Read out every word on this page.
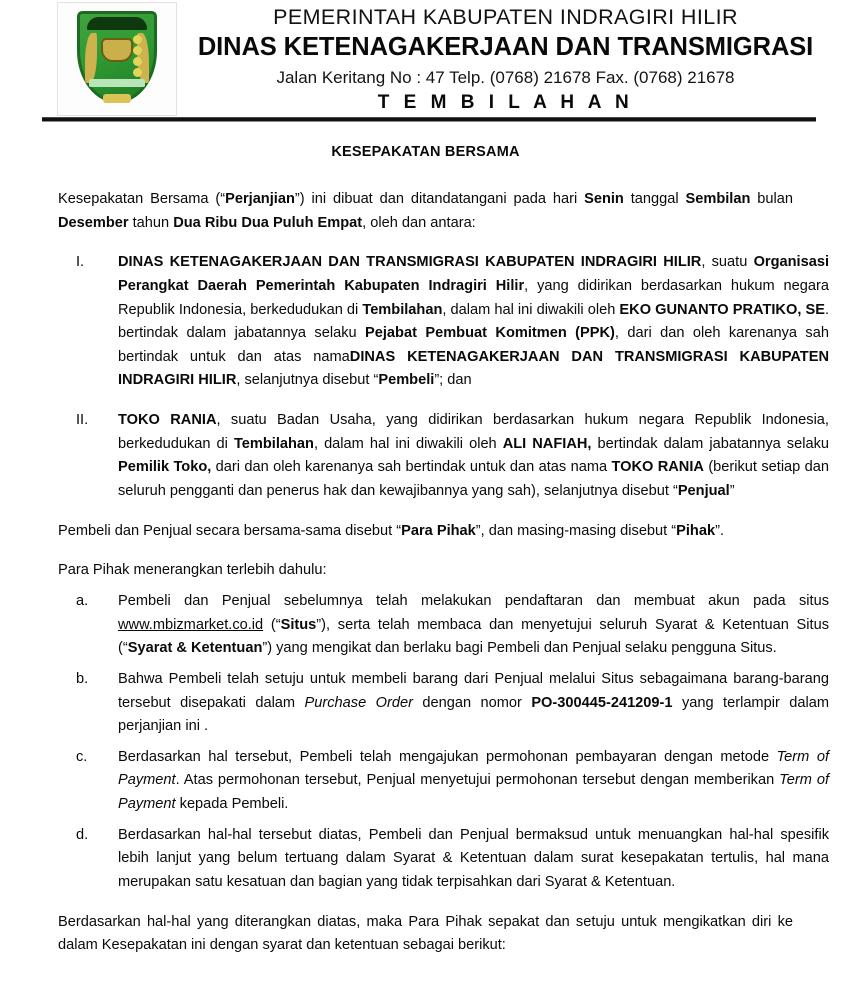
PEMERINTAH KABUPATEN INDRAGIRI HILIR
DINAS KETENAGAKERJAAN DAN TRANSMIGRASI
Jalan Keritang No : 47 Telp. (0768) 21678 Fax. (0768) 21678
T E M B I L A H A N
KESEPAKATAN BERSAMA

Kesepakatan Bersama (“Perjanjian”) ini dibuat dan ditandatangani pada hari Senin tanggal Sembilan bulan Desember tahun Dua Ribu Dua Puluh Empat, oleh dan antara:

I.	DINAS KETENAGAKERJAAN DAN TRANSMIGRASI KABUPATEN INDRAGIRI HILIR, suatu Organisasi Perangkat Daerah Pemerintah Kabupaten Indragiri Hilir, yang didirikan berdasarkan hukum negara Republik Indonesia, berkedudukan di Tembilahan, dalam hal ini diwakili oleh EKO GUNANTO PRATIKO, SE. bertindak dalam jabatannya selaku Pejabat Pembuat Komitmen (PPK), dari dan oleh karenanya sah bertindak untuk dan atas namaDINAS KETENAGAKERJAAN DAN TRANSMIGRASI KABUPATEN INDRAGIRI HILIR, selanjutnya disebut “Pembeli”; dan
II.	TOKO RANIA, suatu Badan Usaha, yang didirikan berdasarkan hukum negara Republik Indonesia, berkedudukan di Tembilahan, dalam hal ini diwakili oleh ALI NAFIAH, bertindak dalam jabatannya selaku Pemilik Toko, dari dan oleh karenanya sah bertindak untuk dan atas nama TOKO RANIA (berikut setiap dan seluruh pengganti dan penerus hak dan kewajibannya yang sah), selanjutnya disebut “Penjual”

Pembeli dan Penjual secara bersama-sama disebut “Para Pihak”, dan masing-masing disebut “Pihak”.

Para Pihak menerangkan terlebih dahulu:

a.	Pembeli dan Penjual sebelumnya telah melakukan pendaftaran dan membuat akun pada situs www.mbizmarket.co.id (“Situs”), serta telah membaca dan menyetujui seluruh Syarat & Ketentuan Situs (“Syarat & Ketentuan”) yang mengikat dan berlaku bagi Pembeli dan Penjual selaku pengguna Situs.
b.	Bahwa Pembeli telah setuju untuk membeli barang dari Penjual melalui Situs sebagaimana barang-barang tersebut disepakati dalam Purchase Order dengan nomor PO-300445-241209-1 yang terlampir dalam perjanjian ini .
c.	Berdasarkan hal tersebut, Pembeli telah mengajukan permohonan pembayaran dengan metode Term of Payment. Atas permohonan tersebut, Penjual menyetujui permohonan tersebut dengan memberikan Term of Payment kepada Pembeli.
d.	Berdasarkan hal-hal tersebut diatas, Pembeli dan Penjual bermaksud untuk menuangkan hal-hal spesifik lebih lanjut yang belum tertuang dalam Syarat & Ketentuan dalam surat kesepakatan tertulis, hal mana merupakan satu kesatuan dan bagian yang tidak terpisahkan dari Syarat & Ketentuan.

Berdasarkan hal-hal yang diterangkan diatas, maka Para Pihak sepakat dan setuju untuk mengikatkan diri ke dalam Kesepakatan ini dengan syarat dan ketentuan sebagai berikut:
